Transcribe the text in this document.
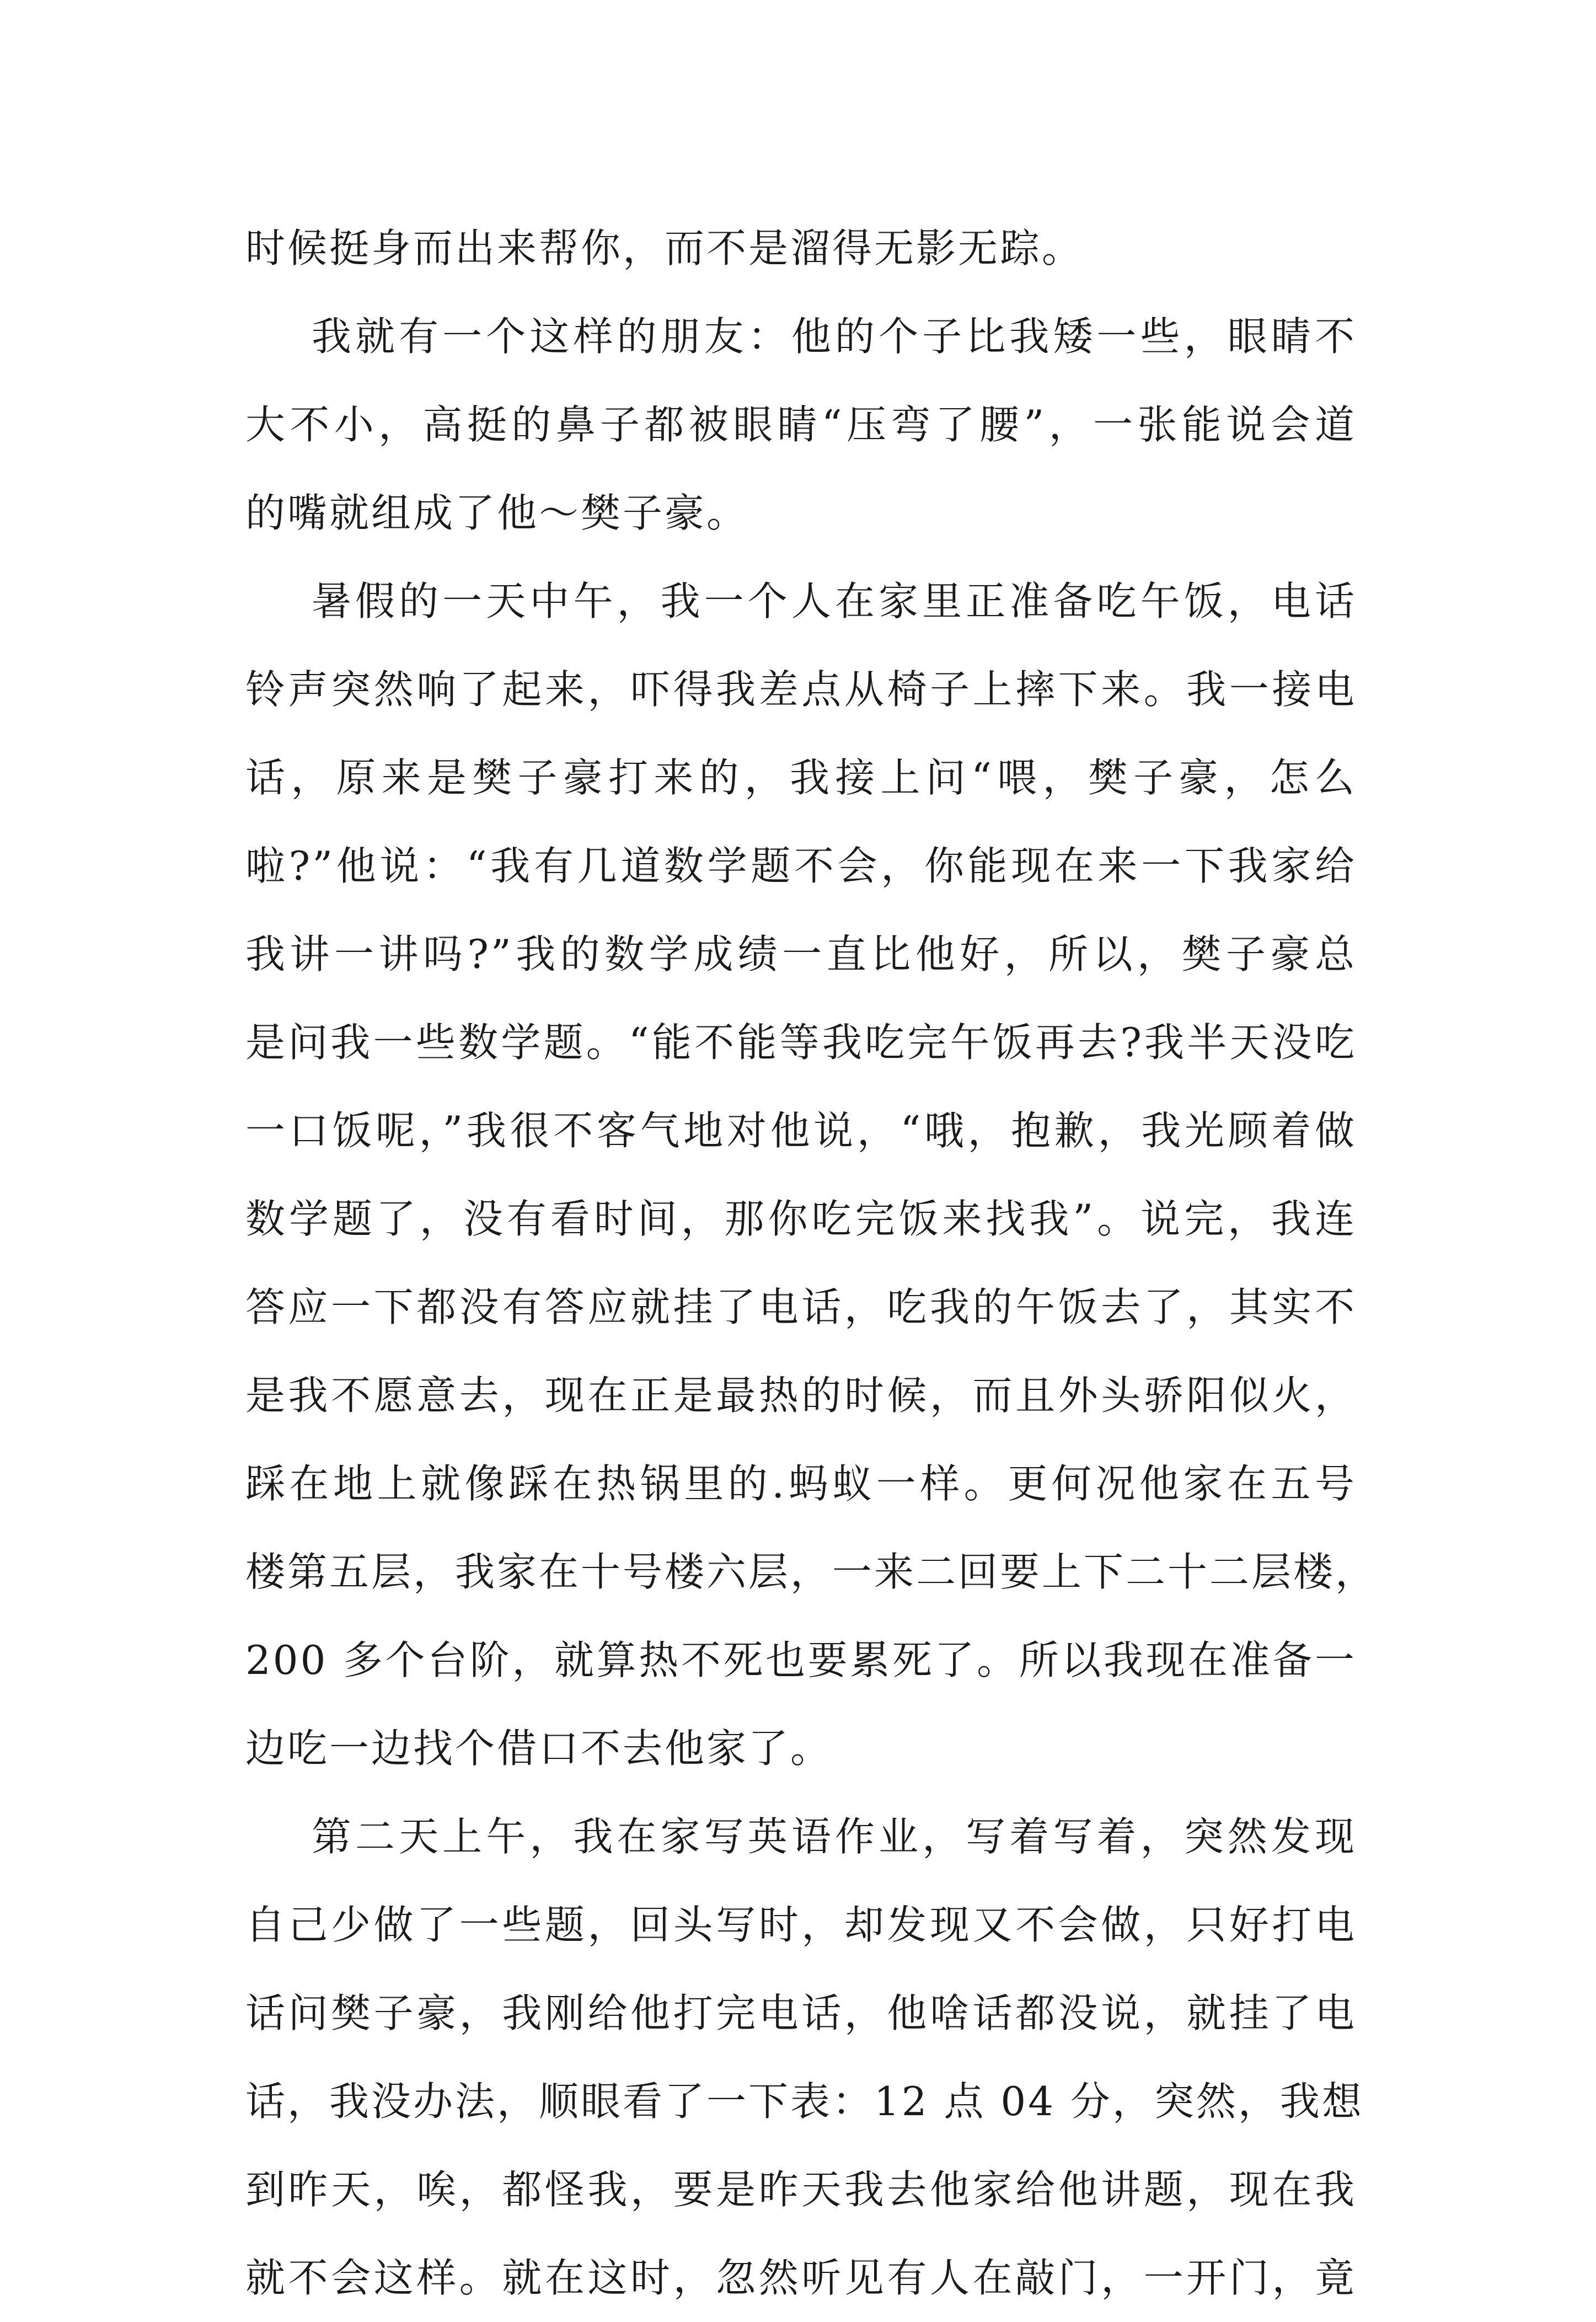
时候挺身而出来帮你，而不是溜得无影无踪。
我就有一个这样的朋友：他的个子比我矮一些，眼睛不
大不小，高挺的鼻子都被眼睛“压弯了腰”，一张能说会道
的嘴就组成了他～樊子豪。
暑假的一天中午，我一个人在家里正准备吃午饭，电话
铃声突然响了起来，吓得我差点从椅子上摔下来。我一接电
话，原来是樊子豪打来的，我接上问“喂，樊子豪，怎么
啦?”他说：“我有几道数学题不会，你能现在来一下我家给
我讲一讲吗?”我的数学成绩一直比他好，所以，樊子豪总
是问我一些数学题。“能不能等我吃完午饭再去?我半天没吃
一口饭呢，”我很不客气地对他说，“哦，抱歉，我光顾着做
数学题了，没有看时间，那你吃完饭来找我”。说完，我连
答应一下都没有答应就挂了电话，吃我的午饭去了，其实不
是我不愿意去，现在正是最热的时候，而且外头骄阳似火，
踩在地上就像踩在热锅里的.蚂蚁一样。更何况他家在五号
楼第五层，我家在十号楼六层，一来二回要上下二十二层楼，
200 多个台阶，就算热不死也要累死了。所以我现在准备一
边吃一边找个借口不去他家了。
第二天上午，我在家写英语作业，写着写着，突然发现
自己少做了一些题，回头写时，却发现又不会做，只好打电
话问樊子豪，我刚给他打完电话，他啥话都没说，就挂了电
话，我没办法，顺眼看了一下表：12 点 04 分，突然，我想
到昨天，唉，都怪我，要是昨天我去他家给他讲题，现在我
就不会这样。就在这时，忽然听见有人在敲门，一开门，竟
